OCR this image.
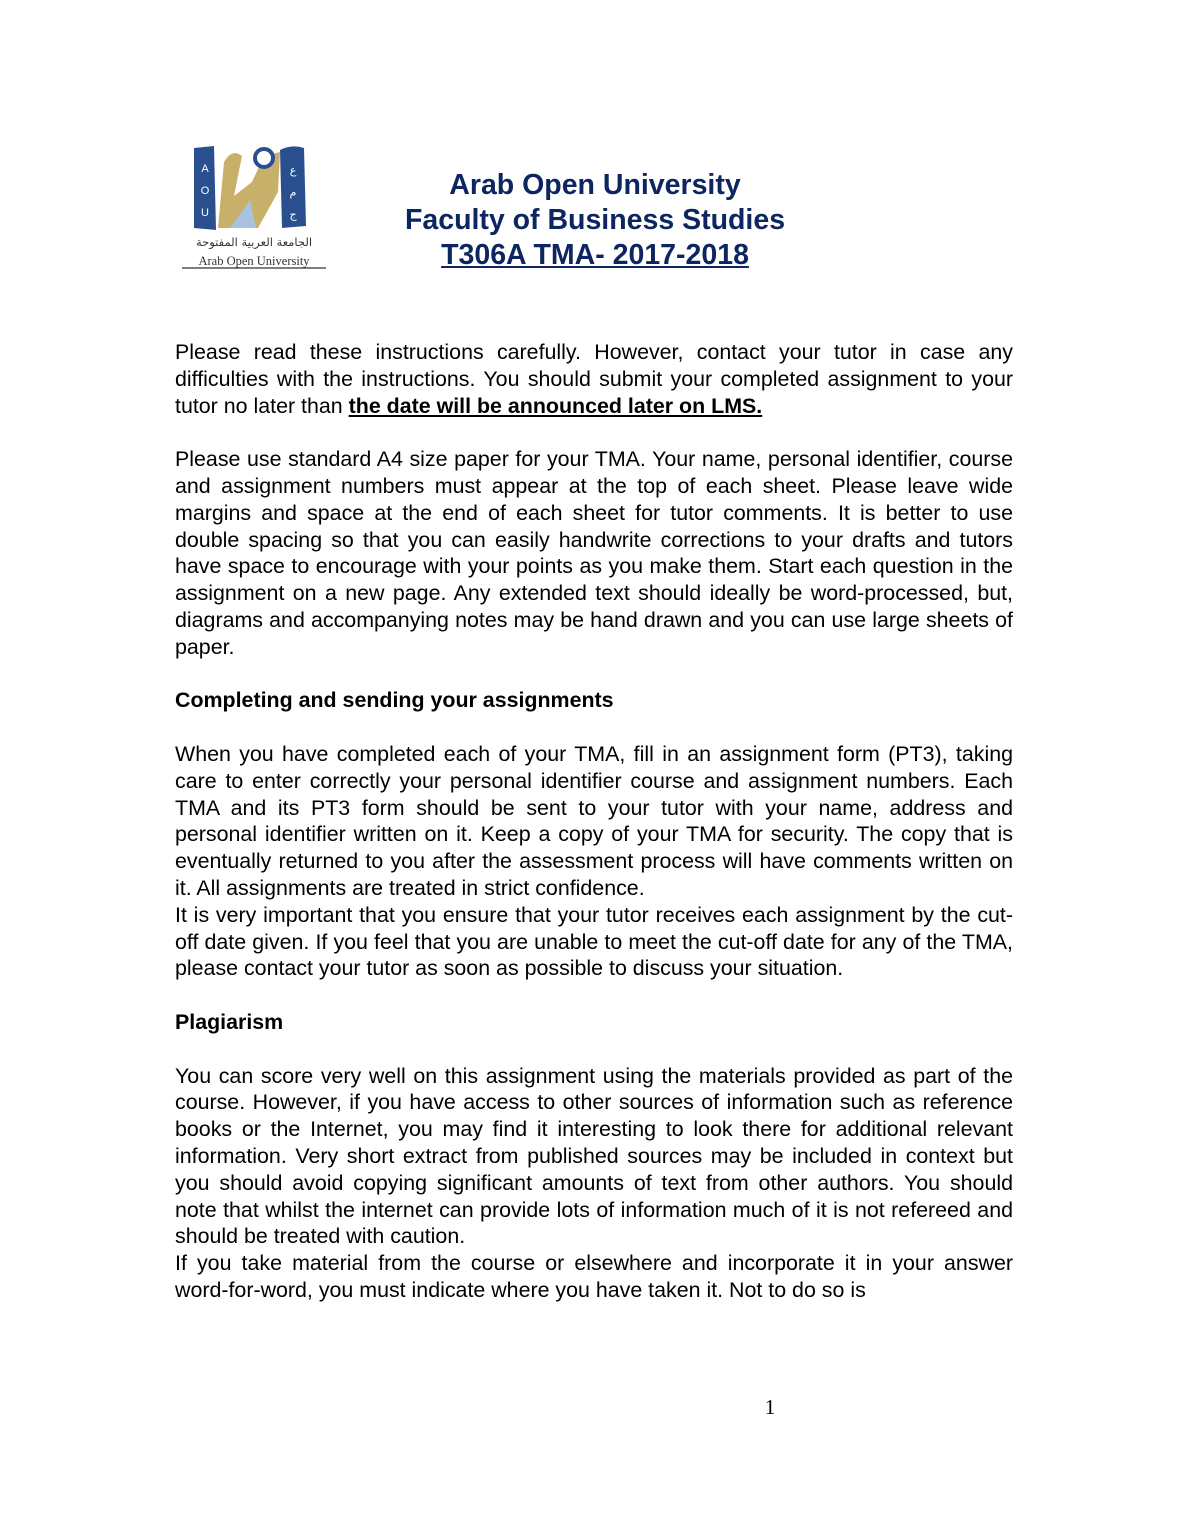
A
O
U
ع
م
ج
الجامعة العربية المفتوحة
Arab Open University
Arab Open University
Faculty of Business Studies
T306A TMA- 2017-2018

Please read these instructions carefully. However, contact your tutor in case any difficulties with the instructions. You should submit your completed assignment to your tutor no later than the date will be announced later on LMS.

Please use standard A4 size paper for your TMA. Your name, personal identifier, course and assignment numbers must appear at the top of each sheet. Please leave wide margins and space at the end of each sheet for tutor comments. It is better to use double spacing so that you can easily handwrite corrections to your drafts and tutors have space to encourage with your points as you make them. Start each question in the assignment on a new page. Any extended text should ideally be word-processed, but, diagrams and accompanying notes may be hand drawn and you can use large sheets of paper.

Completing and sending your assignments

When you have completed each of your TMA, fill in an assignment form (PT3), taking care to enter correctly your personal identifier course and assignment numbers. Each TMA and its PT3 form should be sent to your tutor with your name, address and personal identifier written on it. Keep a copy of your TMA for security. The copy that is eventually returned to you after the assessment process will have comments written on it. All assignments are treated in strict confidence.

It is very important that you ensure that your tutor receives each assignment by the cut-off date given. If you feel that you are unable to meet the cut-off date for any of the TMA, please contact your tutor as soon as possible to discuss your situation.

Plagiarism

You can score very well on this assignment using the materials provided as part of the course. However, if you have access to other sources of information such as reference books or the Internet, you may find it interesting to look there for additional relevant information. Very short extract from published sources may be included in context but you should avoid copying significant amounts of text from other authors. You should note that whilst the internet can provide lots of information much of it is not refereed and should be treated with caution.

If you take material from the course or elsewhere and incorporate it in your answer word-for-word, you must indicate where you have taken it. Not to do so is

1
